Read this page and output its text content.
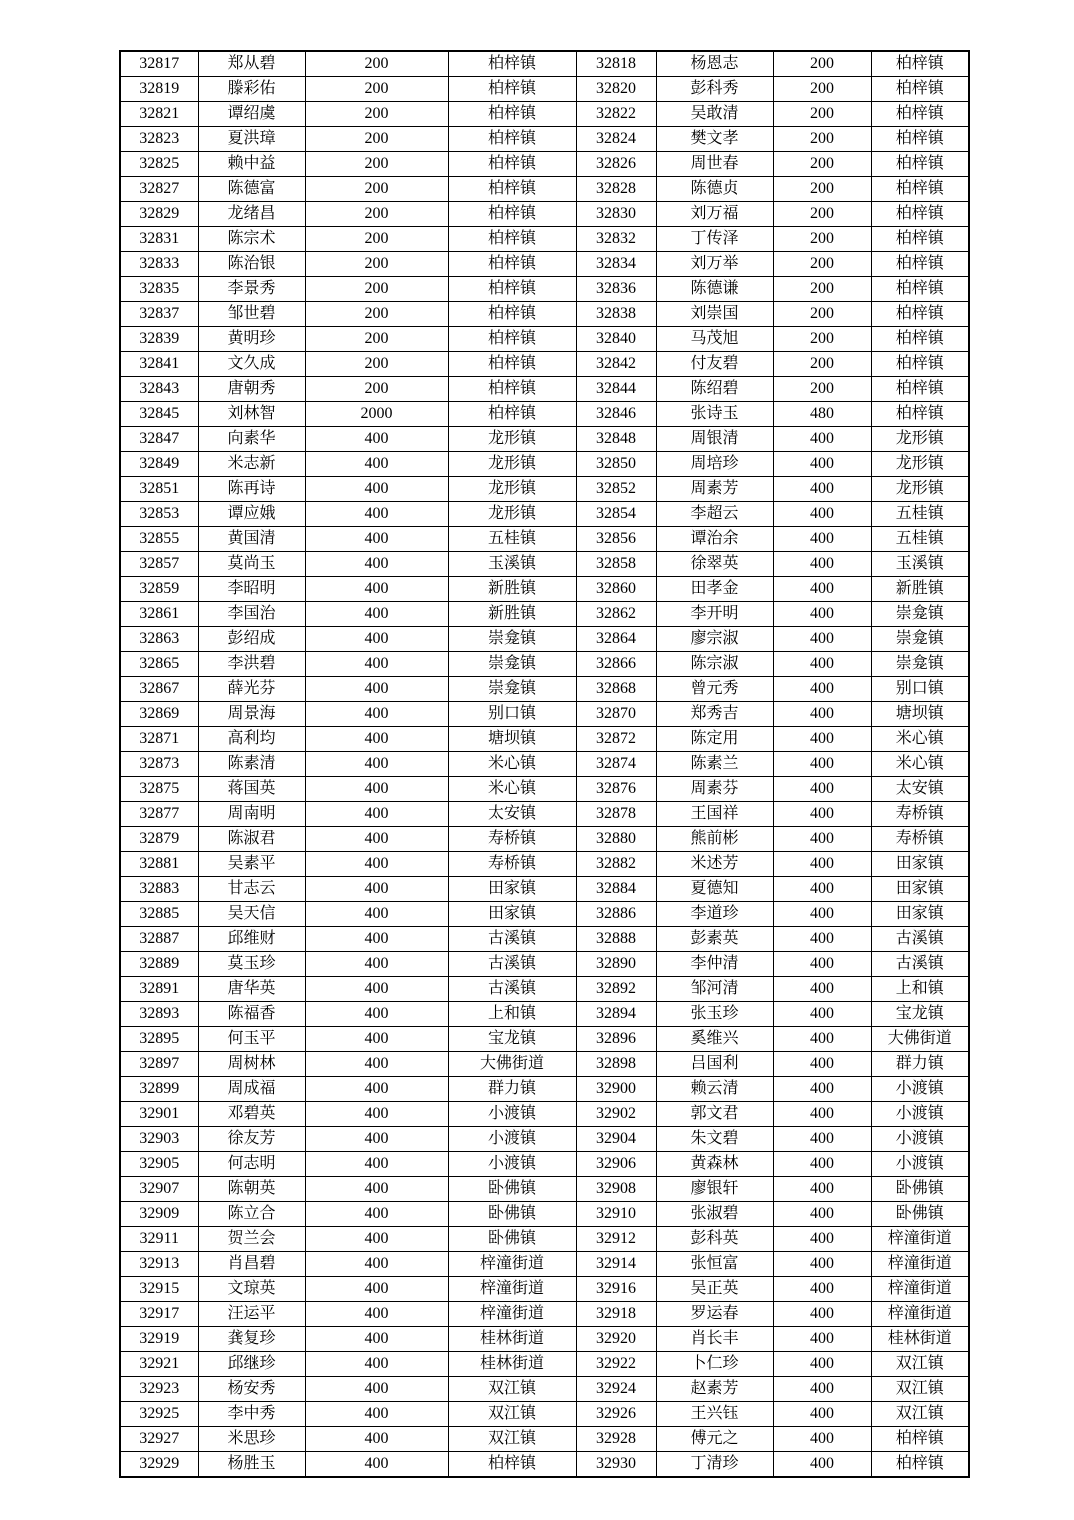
32817	郑从碧	200	柏梓镇	32818	杨恩志	200	柏梓镇
32819	滕彩佑	200	柏梓镇	32820	彭科秀	200	柏梓镇
32821	谭绍虞	200	柏梓镇	32822	吴敢清	200	柏梓镇
32823	夏洪璋	200	柏梓镇	32824	樊文孝	200	柏梓镇
32825	赖中益	200	柏梓镇	32826	周世春	200	柏梓镇
32827	陈德富	200	柏梓镇	32828	陈德贞	200	柏梓镇
32829	龙绪昌	200	柏梓镇	32830	刘万福	200	柏梓镇
32831	陈宗术	200	柏梓镇	32832	丁传泽	200	柏梓镇
32833	陈治银	200	柏梓镇	32834	刘万举	200	柏梓镇
32835	李景秀	200	柏梓镇	32836	陈德谦	200	柏梓镇
32837	邹世碧	200	柏梓镇	32838	刘崇国	200	柏梓镇
32839	黄明珍	200	柏梓镇	32840	马茂旭	200	柏梓镇
32841	文久成	200	柏梓镇	32842	付友碧	200	柏梓镇
32843	唐朝秀	200	柏梓镇	32844	陈绍碧	200	柏梓镇
32845	刘林智	2000	柏梓镇	32846	张诗玉	480	柏梓镇
32847	向素华	400	龙形镇	32848	周银清	400	龙形镇
32849	米志新	400	龙形镇	32850	周培珍	400	龙形镇
32851	陈再诗	400	龙形镇	32852	周素芳	400	龙形镇
32853	谭应娥	400	龙形镇	32854	李超云	400	五桂镇
32855	黄国清	400	五桂镇	32856	谭治余	400	五桂镇
32857	莫尚玉	400	玉溪镇	32858	徐翠英	400	玉溪镇
32859	李昭明	400	新胜镇	32860	田孝金	400	新胜镇
32861	李国治	400	新胜镇	32862	李开明	400	崇龛镇
32863	彭绍成	400	崇龛镇	32864	廖宗淑	400	崇龛镇
32865	李洪碧	400	崇龛镇	32866	陈宗淑	400	崇龛镇
32867	薛光芬	400	崇龛镇	32868	曾元秀	400	别口镇
32869	周景海	400	别口镇	32870	郑秀吉	400	塘坝镇
32871	高利均	400	塘坝镇	32872	陈定用	400	米心镇
32873	陈素清	400	米心镇	32874	陈素兰	400	米心镇
32875	蒋国英	400	米心镇	32876	周素芬	400	太安镇
32877	周南明	400	太安镇	32878	王国祥	400	寿桥镇
32879	陈淑君	400	寿桥镇	32880	熊前彬	400	寿桥镇
32881	吴素平	400	寿桥镇	32882	米述芳	400	田家镇
32883	甘志云	400	田家镇	32884	夏德知	400	田家镇
32885	吴天信	400	田家镇	32886	李道珍	400	田家镇
32887	邱维财	400	古溪镇	32888	彭素英	400	古溪镇
32889	莫玉珍	400	古溪镇	32890	李仲清	400	古溪镇
32891	唐华英	400	古溪镇	32892	邹河清	400	上和镇
32893	陈福香	400	上和镇	32894	张玉珍	400	宝龙镇
32895	何玉平	400	宝龙镇	32896	奚维兴	400	大佛街道
32897	周树林	400	大佛街道	32898	吕国利	400	群力镇
32899	周成福	400	群力镇	32900	赖云清	400	小渡镇
32901	邓碧英	400	小渡镇	32902	郭文君	400	小渡镇
32903	徐友芳	400	小渡镇	32904	朱文碧	400	小渡镇
32905	何志明	400	小渡镇	32906	黄森林	400	小渡镇
32907	陈朝英	400	卧佛镇	32908	廖银轩	400	卧佛镇
32909	陈立合	400	卧佛镇	32910	张淑碧	400	卧佛镇
32911	贺兰会	400	卧佛镇	32912	彭科英	400	梓潼街道
32913	肖昌碧	400	梓潼街道	32914	张恒富	400	梓潼街道
32915	文琼英	400	梓潼街道	32916	吴正英	400	梓潼街道
32917	汪运平	400	梓潼街道	32918	罗运春	400	梓潼街道
32919	龚复珍	400	桂林街道	32920	肖长丰	400	桂林街道
32921	邱继珍	400	桂林街道	32922	卜仁珍	400	双江镇
32923	杨安秀	400	双江镇	32924	赵素芳	400	双江镇
32925	李中秀	400	双江镇	32926	王兴钰	400	双江镇
32927	米思珍	400	双江镇	32928	傅元之	400	柏梓镇
32929	杨胜玉	400	柏梓镇	32930	丁清珍	400	柏梓镇
